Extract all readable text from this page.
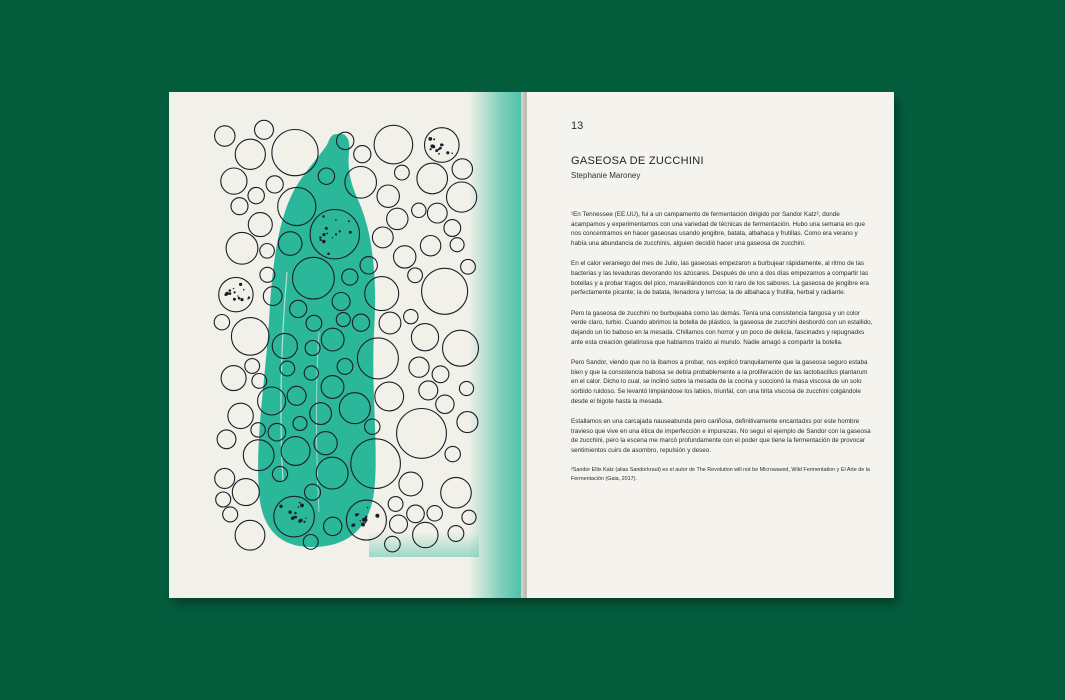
13
GASEOSA DE ZUCCHINI
Stephanie Maroney

¹En Tennessee (EE.UU), fui a un campamento de fermentación dirigido por Sandor Katz², donde acampamos y experimentamos con una variedad de técnicas de fermentación. Hubo una semana en que nos concentramos en hacer gaseosas usando jengibre, batata, albahaca y frutillas. Como era verano y había una abundancia de zucchinis, alguien decidió hacer una gaseosa de zucchini.

En el calor veraniego del mes de Julio, las gaseosas empezaron a burbujear rápidamente, al ritmo de las bacterias y las levaduras devorando los azúcares. Después de uno a dos días empezamos a compartir las botellas y a probar tragos del pico, maravillándonos con lo raro de los sabores. La gaseosa de jengibre era perfectamente picante; la de batata, llenadora y terrosa; la de albahaca y frutilla, herbal y radiante.

Pero la gaseosa de zucchini no burbujeaba como las demás. Tenía una consistencia fangosa y un color verde claro, turbio. Cuando abrimos la botella de plástico, la gaseosa de zucchini desbordó con un estallido, dejando un lío baboso en la mesada. Chillamos con horror y un poco de delicia, fascinadxs y repugnadxs ante esta creación gelatinosa que hablamos traído al mundo. Nadie amagó a compartir la botella.

Pero Sandor, viendo que no la íbamos a probar, nos explicó tranquilamente que la gaseosa seguro estaba bien y que la consistencia babosa se debía probablemente a la proliferación de las lactobacillus plantarum en el calor. Dicho lo cual, se inclinó sobre la mesada de la cocina y succionó la masa viscosa de un solo sorbido ruidoso. Se levantó limpiándose los labios, triunfal, con una tirita viscosa de zucchini colgándole desde el bigote hasta la mesada.

Estallamos en una carcajada nauseabunda pero cariñosa, definitivamente encantadxs por este hombre travieso que vive en una ética de imperfección e impurezas. No seguí el ejemplo de Sandor con la gaseosa de zucchini, pero la escena me marcó profundamente con el poder que tiene la fermentación de provocar sentimientos cuirs de asombro, repulsión y deseo.

²Sandor Ellix Katz (alias Sandorkraut) es el autor de The Revolution will not be Microwaved, Wild Fermentation y El Arte de la Fermentación (Gaia, 2017).
